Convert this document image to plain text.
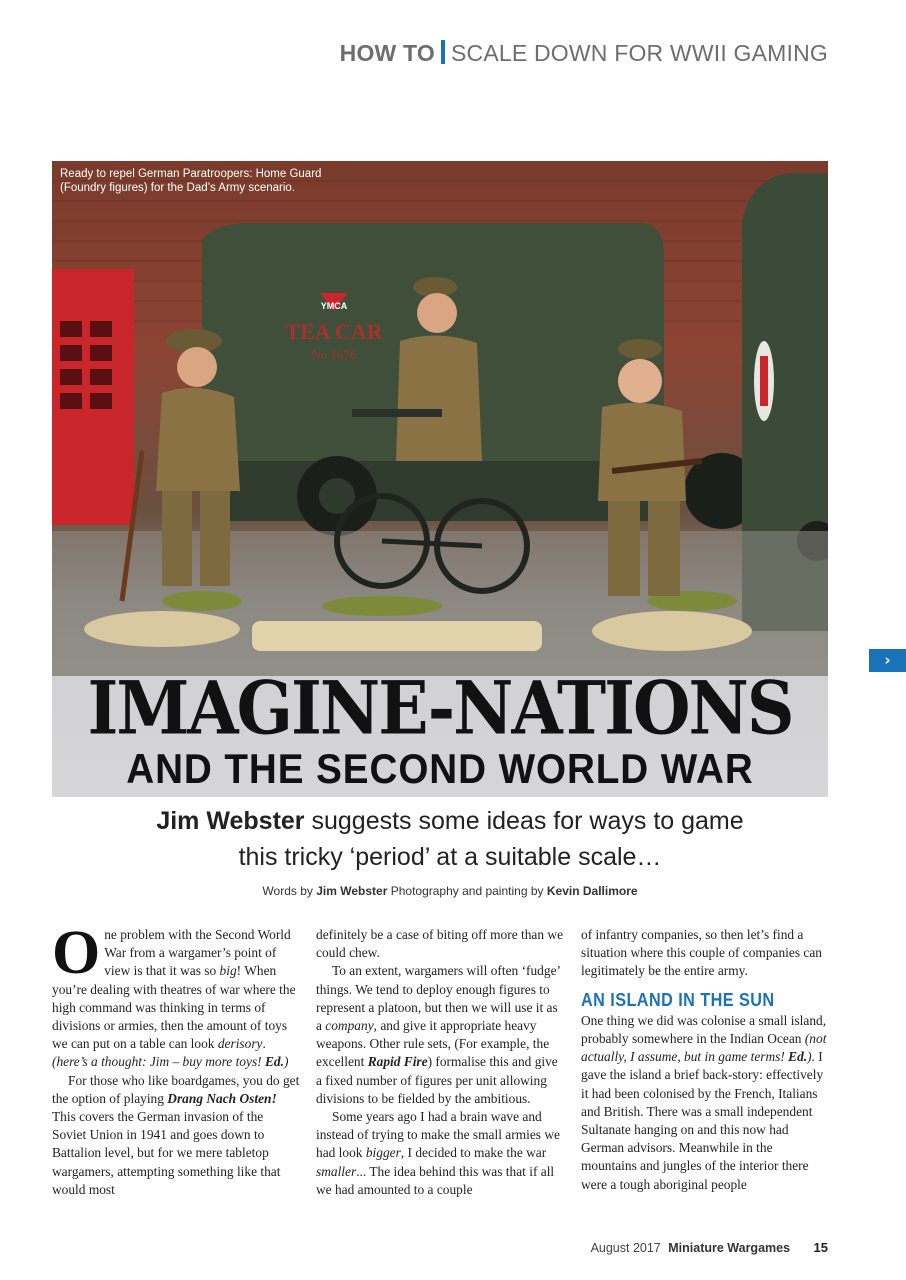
HOW TO SCALE DOWN FOR WWII GAMING
YMCA
TEA CAR
No 1676
Ready to repel German Paratroopers: Home Guard (Foundry figures) for the Dad’s Army scenario.
IMAGINE-NATIONS
AND THE SECOND WORLD WAR
›
Jim Webster suggests some ideas for ways to game
this tricky ‘period’ at a suitable scale…
Words by Jim Webster Photography and painting by Kevin Dallimore

One problem with the Second World War from a wargamer’s point of view is that it was so big! When you’re dealing with theatres of war where the high command was thinking in terms of divisions or armies, then the amount of toys we can put on a table can look derisory. (here’s a thought: Jim – buy more toys! Ed.)

For those who like boardgames, you do get the option of playing Drang Nach Osten! This covers the German invasion of the Soviet Union in 1941 and goes down to Battalion level, but for we mere tabletop wargamers, attempting something like that would most

definitely be a case of biting off more than we could chew.

To an extent, wargamers will often ‘fudge’ things. We tend to deploy enough figures to represent a platoon, but then we will use it as a company, and give it appropriate heavy weapons. Other rule sets, (For example, the excellent Rapid Fire) formalise this and give a fixed number of figures per unit allowing divisions to be fielded by the ambitious.

Some years ago I had a brain wave and instead of trying to make the small armies we had look bigger, I decided to make the war smaller... The idea behind this was that if all we had amounted to a couple

of infantry companies, so then let’s find a situation where this couple of companies can legitimately be the entire army.

AN ISLAND IN THE SUN

One thing we did was colonise a small island, probably somewhere in the Indian Ocean (not actually, I assume, but in game terms! Ed.). I gave the island a brief back-story: effectively it had been colonised by the French, Italians and British. There was a small independent Sultanate hanging on and this now had German advisors. Meanwhile in the mountains and jungles of the interior there were a tough aboriginal people

August 2017 Miniature Wargames 15
